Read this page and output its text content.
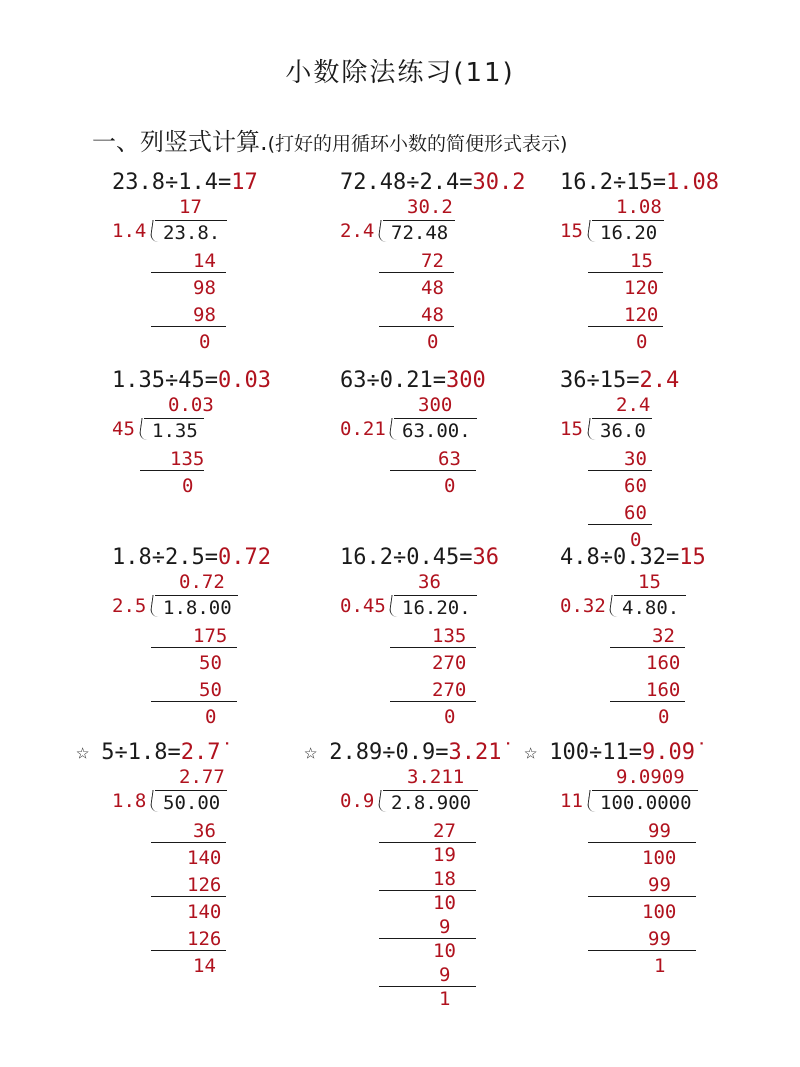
小数除法练习(11)
一、列竖式计算.(打好的用循环小数的简便形式表示)
23.8÷1.4=17
17
1.4 23.8.
14
98
98
0
72.48÷2.4=30.2
30.2
2.4 72.48
72
48
48
0
16.2÷15=1.08
1.08
15 16.20
15
120
120
0
1.35÷45=0.03
0.03
45 1.35
135
0
63÷0.21=300
300
0.21 63.00.
63
0
36÷15=2.4
2.4
15 36.0
30
60
60
0
1.8÷2.5=0.72
0.72
2.5 1.8.00
175
50
50
0
16.2÷0.45=36
36
0.45 16.20.
135
270
270
0
4.8÷0.32=15
15
0.32 4.80.
32
160
160
0
☆ 5÷1.8=2.7̇
2.77
1.8 50.00
36
140
126
140
126
14
☆ 2.89÷0.9=3.21̇
3.211
0.9 2.8.900
27
19
18
10
9
10
9
1
☆ 100÷11=9.0̇9̇
9.0909
11 100.0000
99
100
99
100
99
1
